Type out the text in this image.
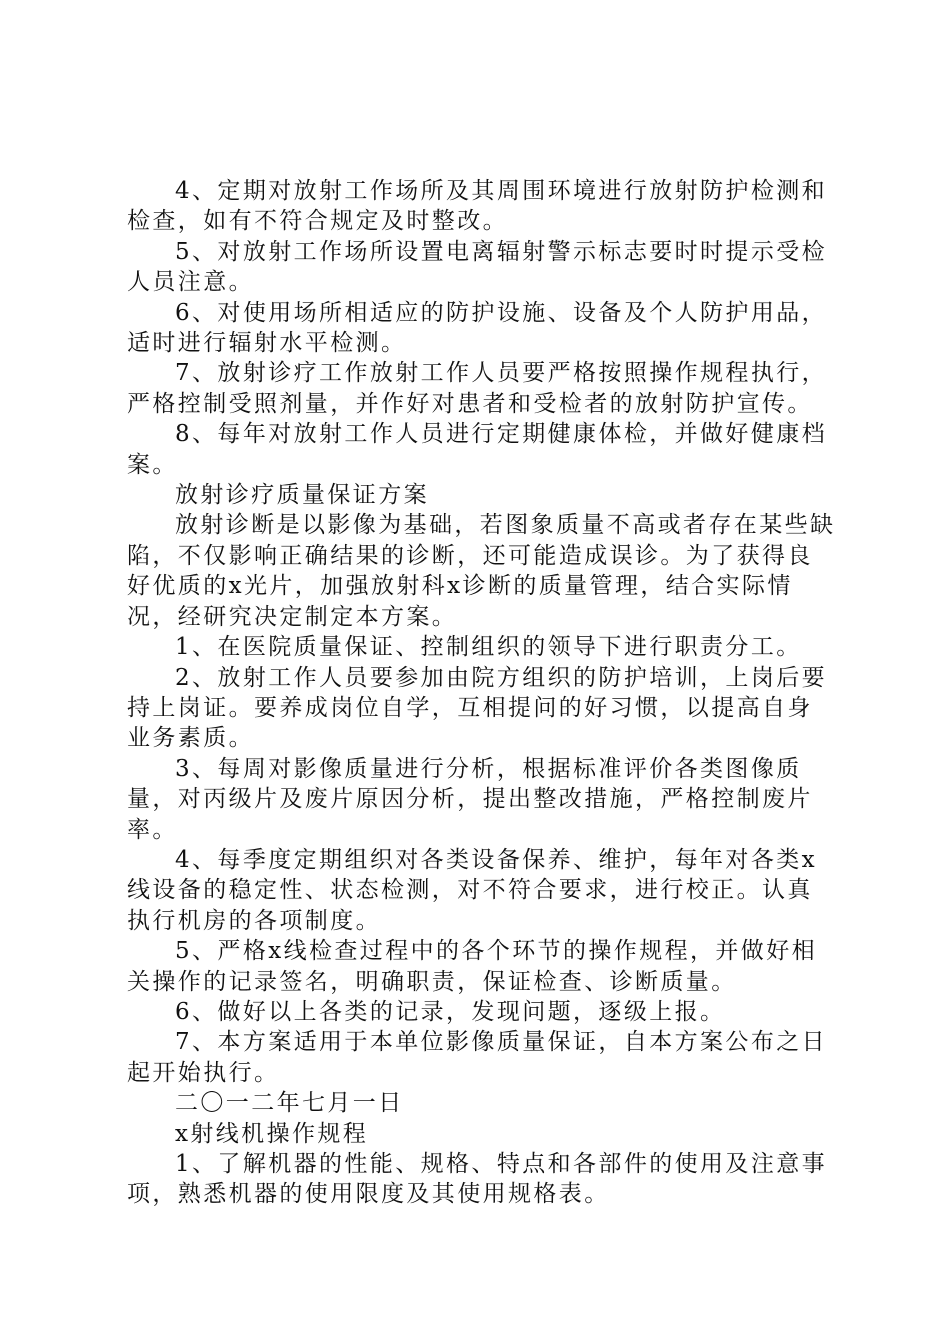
4、定期对放射工作场所及其周围环境进行放射防护检测和检查，如有不符合规定及时整改。

5、对放射工作场所设置电离辐射警示标志要时时提示受检人员注意。

6、对使用场所相适应的防护设施、设备及个人防护用品，适时进行辐射水平检测。

7、放射诊疗工作放射工作人员要严格按照操作规程执行，严格控制受照剂量，并作好对患者和受检者的放射防护宣传。

8、每年对放射工作人员进行定期健康体检，并做好健康档案。

放射诊疗质量保证方案

放射诊断是以影像为基础，若图象质量不高或者存在某些缺陷，不仅影响正确结果的诊断，还可能造成误诊。为了获得良好优质的x光片，加强放射科x诊断的质量管理，结合实际情况，经研究决定制定本方案。

1、在医院质量保证、控制组织的领导下进行职责分工。

2、放射工作人员要参加由院方组织的防护培训，上岗后要持上岗证。要养成岗位自学，互相提问的好习惯，以提高自身业务素质。

3、每周对影像质量进行分析，根据标准评价各类图像质量，对丙级片及废片原因分析，提出整改措施，严格控制废片率。

4、每季度定期组织对各类设备保养、维护，每年对各类x线设备的稳定性、状态检测，对不符合要求，进行校正。认真执行机房的各项制度。

5、严格x线检查过程中的各个环节的操作规程，并做好相关操作的记录签名，明确职责，保证检查、诊断质量。

6、做好以上各类的记录，发现问题，逐级上报。

7、本方案适用于本单位影像质量保证，自本方案公布之日起开始执行。

二〇一二年七月一日

x射线机操作规程

1、了解机器的性能、规格、特点和各部件的使用及注意事项，熟悉机器的使用限度及其使用规格表。
